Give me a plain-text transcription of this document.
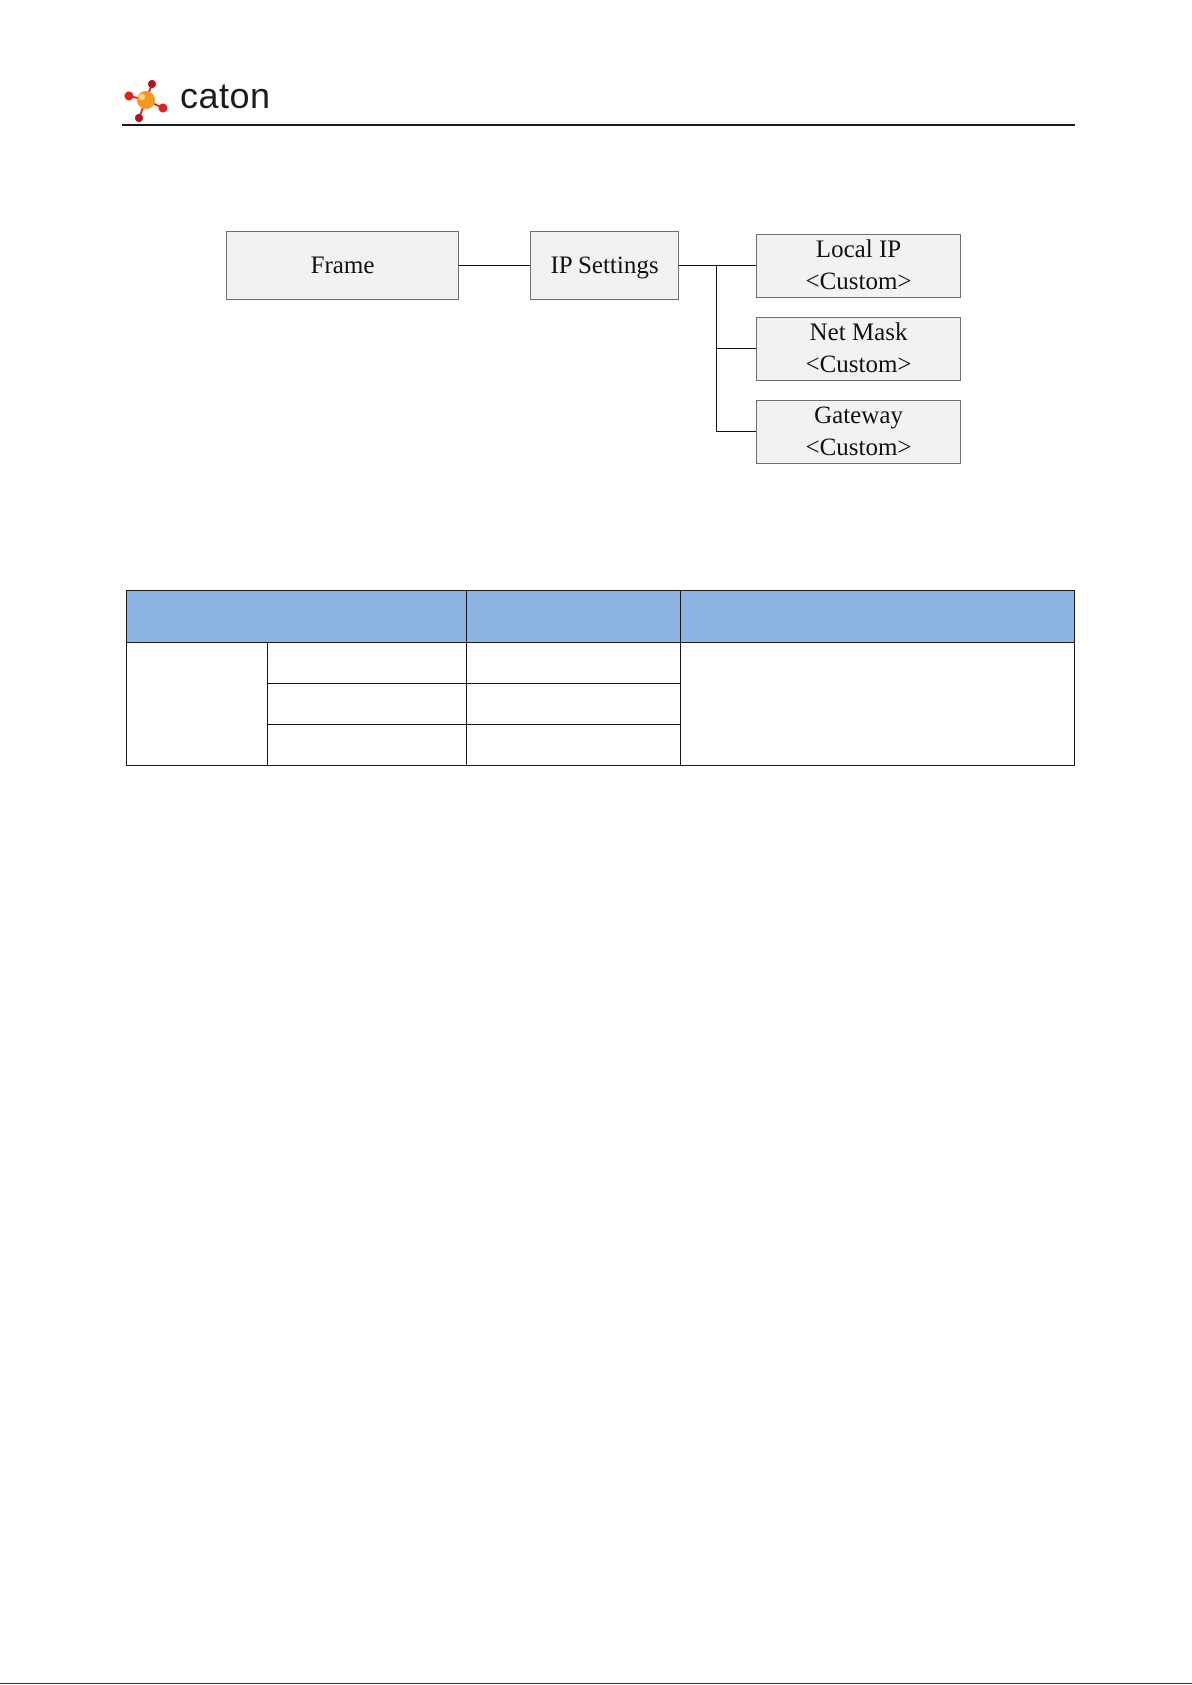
caton
Frame	IP Settings
Local IP
<Custom>
Net Mask
<Custom>
Gateway
<Custom>
